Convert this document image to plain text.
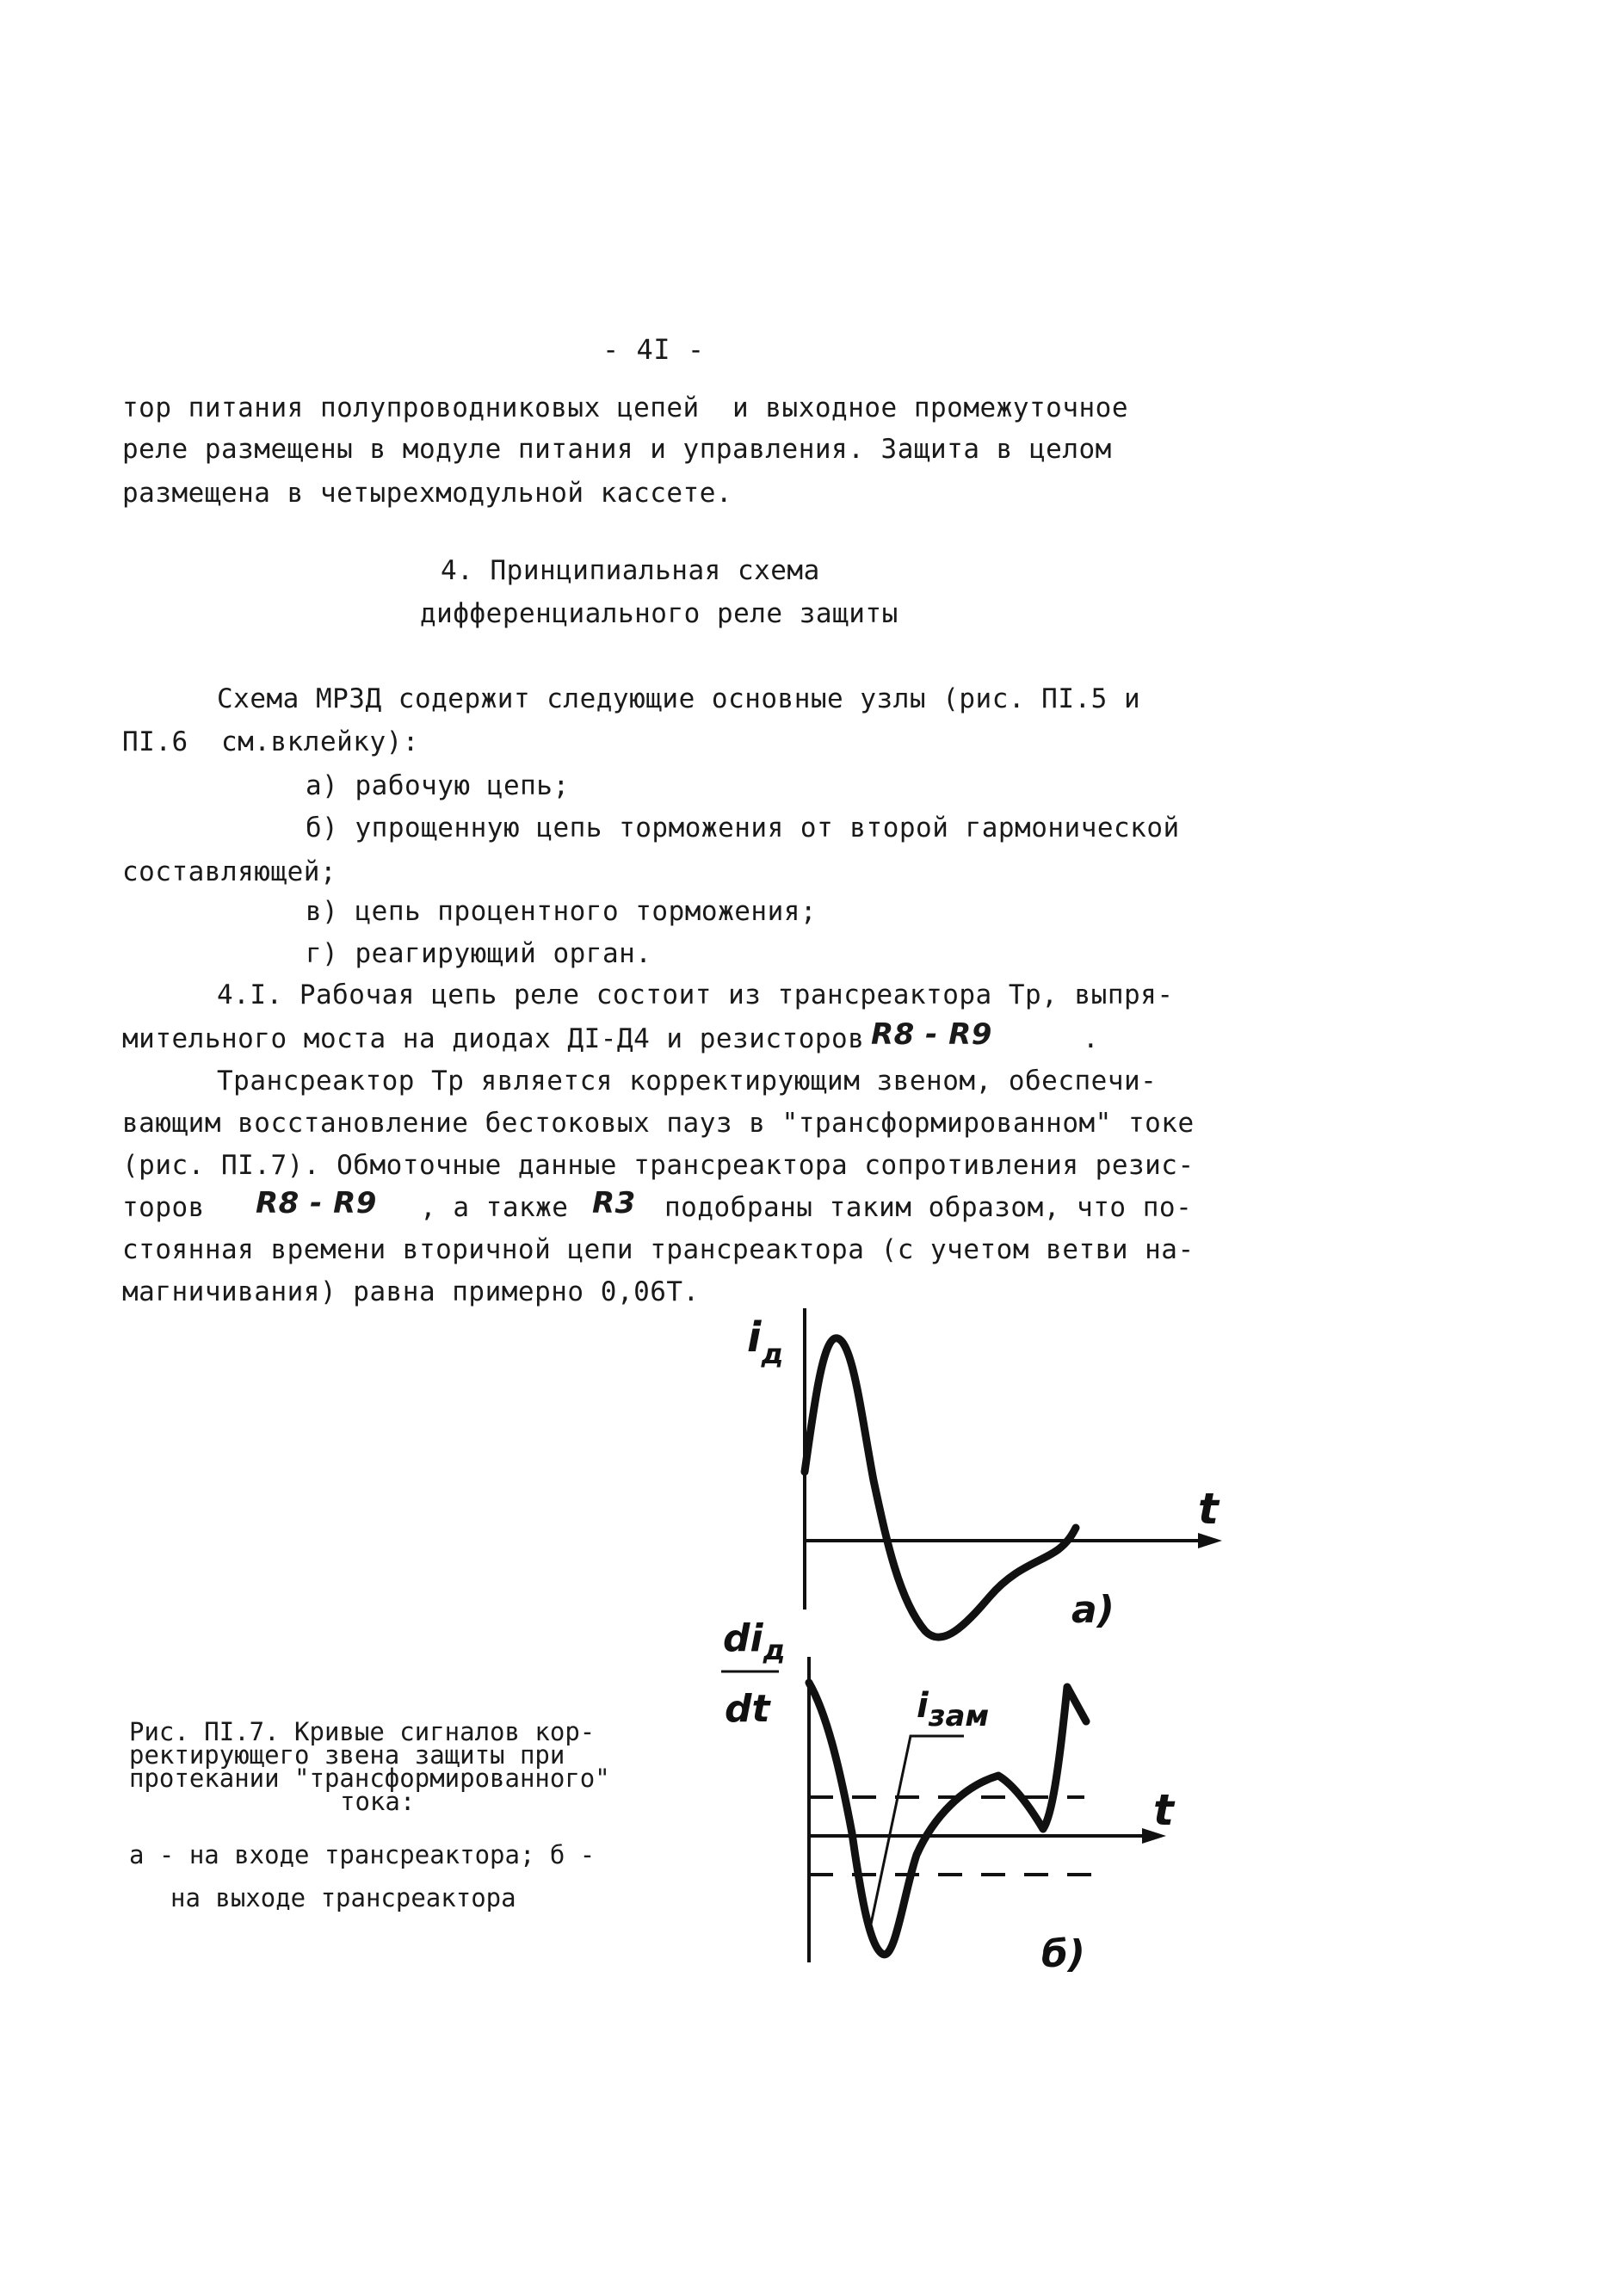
- 4I -
тор питания полупроводниковых цепей  и выходное промежуточное
реле размещены в модуле питания и управления. Защита в целом
размещена в четырехмодульной кассете.
4. Принципиальная схема
дифференциального реле защиты
Схема МРЗД содержит следующие основные узлы (рис. ПI.5 и
ПI.6  см.вклейку):
а) рабочую цепь;
б) упрощенную цепь торможения от второй гармонической
составляющей;
в) цепь процентного торможения;
г) реагирующий орган.
4.I. Рабочая цепь реле состоит из трансреактора Тр, выпря-
мительного моста на диодах ДI-Д4 и резисторов R8 - R9	.
Трансреактор Тр является корректирующим звеном, обеспечи-
вающим восстановление бестоковых пауз в "трансформированном" токе
(рис. ПI.7). Обмоточные данные трансреактора сопротивления резис-
торов R8 - R9 , а также R3 подобраны таким образом, что по-
стоянная времени вторичной цепи трансреактора (с учетом ветви на-
магничивания) равна примерно 0,06Т.
Рис. ПI.7. Кривые сигналов кор-
ректирующего звена защиты при
протекании "трансформированного"
тока:
а - на входе трансреактора; б -
на выходе трансреактора
$i_д$
t
а)
$di_д$
dt	$i_{зам}$
t
б)
